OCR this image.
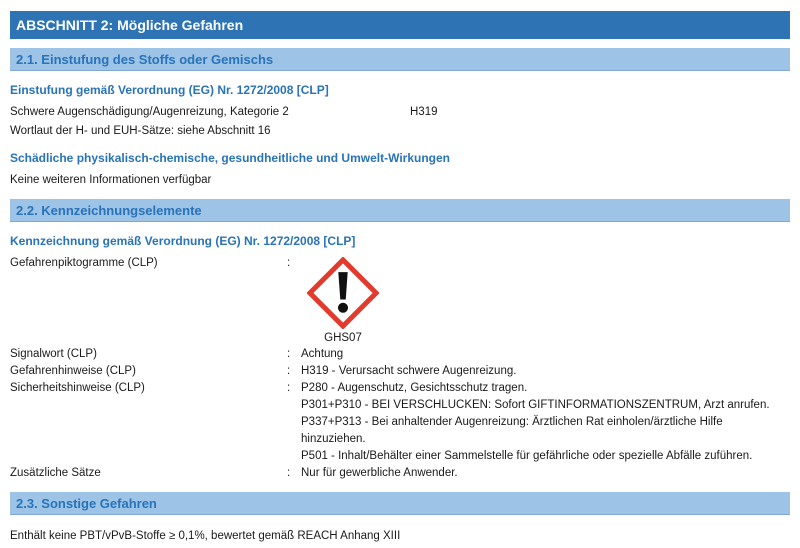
ABSCHNITT 2: Mögliche Gefahren
2.1. Einstufung des Stoffs oder Gemischs
Einstufung gemäß Verordnung (EG) Nr. 1272/2008 [CLP]
Schwere Augenschädigung/Augenreizung, Kategorie 2	H319
Wortlaut der H- und EUH-Sätze: siehe Abschnitt 16
Schädliche physikalisch-chemische, gesundheitliche und Umwelt-Wirkungen
Keine weiteren Informationen verfügbar
2.2. Kennzeichnungselemente
Kennzeichnung gemäß Verordnung (EG) Nr. 1272/2008 [CLP]
Gefahrenpiktogramme (CLP)	:
GHS07
Signalwort (CLP)	: Achtung
Gefahrenhinweise (CLP)	: H319 - Verursacht schwere Augenreizung.
Sicherheitshinweise (CLP)	: P280 - Augenschutz, Gesichtsschutz tragen.
P301+P310 - BEI VERSCHLUCKEN: Sofort GIFTINFORMATIONSZENTRUM, Arzt anrufen.
P337+P313 - Bei anhaltender Augenreizung: Ärztlichen Rat einholen/ärztliche Hilfe hinzuziehen.
P501 - Inhalt/Behälter einer Sammelstelle für gefährliche oder spezielle Abfälle zuführen.
Zusätzliche Sätze	: Nur für gewerbliche Anwender.
2.3. Sonstige Gefahren
Enthält keine PBT/vPvB-Stoffe ≥ 0,1%, bewertet gemäß REACH Anhang XIII
